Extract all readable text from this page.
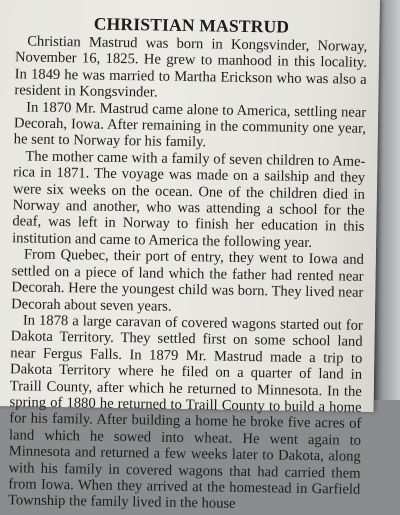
CHRISTIAN MASTRUD

Christian Mastrud was born in Kongsvinder, Norway, November 16, 1825. He grew to manhood in this locality. In 1849 he was married to Martha Erickson who was also a resident in Kongsvinder.

In 1870 Mr. Mastrud came alone to America, settling near Decorah, Iowa. After remaining in the community one year, he sent to Norway for his family.

The mother came with a family of seven children to America in 1871. The voyage was made on a sailship and they were six weeks on the ocean. One of the children died in Norway and another, who was attending a school for the deaf, was left in Norway to finish her education in this institution and came to America the following year.

From Quebec, their port of entry, they went to Iowa and settled on a piece of land which the father had rented near Decorah. Here the youngest child was born. They lived near Decorah about seven years.

In 1878 a large caravan of covered wagons started out for Dakota Territory. They settled first on some school land near Fergus Falls. In 1879 Mr. Mastrud made a trip to Dakota Territory where he filed on a quarter of land in Traill County, after which he returned to Minnesota. In the spring of 1880 he returned to Traill County to build a home for his family. After building a home he broke five acres of land which he sowed into wheat. He went again to Minnesota and returned a few weeks later to Dakota, along with his family in covered wagons that had carried them from Iowa. When they arrived at the homestead in Garfield Township the family lived in the house
